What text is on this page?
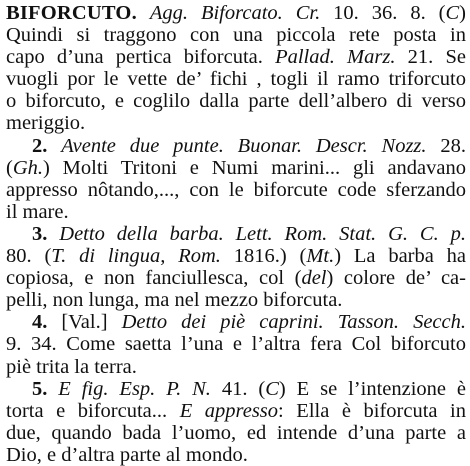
BIFORCUTO. Agg. Biforcato. Cr. 10. 36. 8. (C)
Quindi si traggono con una piccola rete posta in
capo d’una pertica biforcuta. Pallad. Marz. 21. Se
vuogli por le vette de’ fichi , togli il ramo triforcuto
o biforcuto, e coglilo dalla parte dell’albero di verso
meriggio.
2. Avente due punte. Buonar. Descr. Nozz. 28.
(Gh.) Molti Tritoni e Numi marini... gli andavano
appresso nôtando,..., con le biforcute code sferzando
il mare.
3. Detto della barba. Lett. Rom. Stat. G. C. p.
80. (T. di lingua, Rom. 1816.) (Mt.) La barba ha
copiosa, e non fanciullesca, col (del) colore de’ ca-
pelli, non lunga, ma nel mezzo biforcuta.
4. [Val.] Detto dei piè caprini. Tasson. Secch.
9. 34. Come saetta l’una e l’altra fera Col biforcuto
piè trita la terra.
5. E fig. Esp. P. N. 41. (C) E se l’intenzione è
torta e biforcuta... E appresso: Ella è biforcuta in
due, quando bada l’uomo, ed intende d’una parte a
Dio, e d’altra parte al mondo.
